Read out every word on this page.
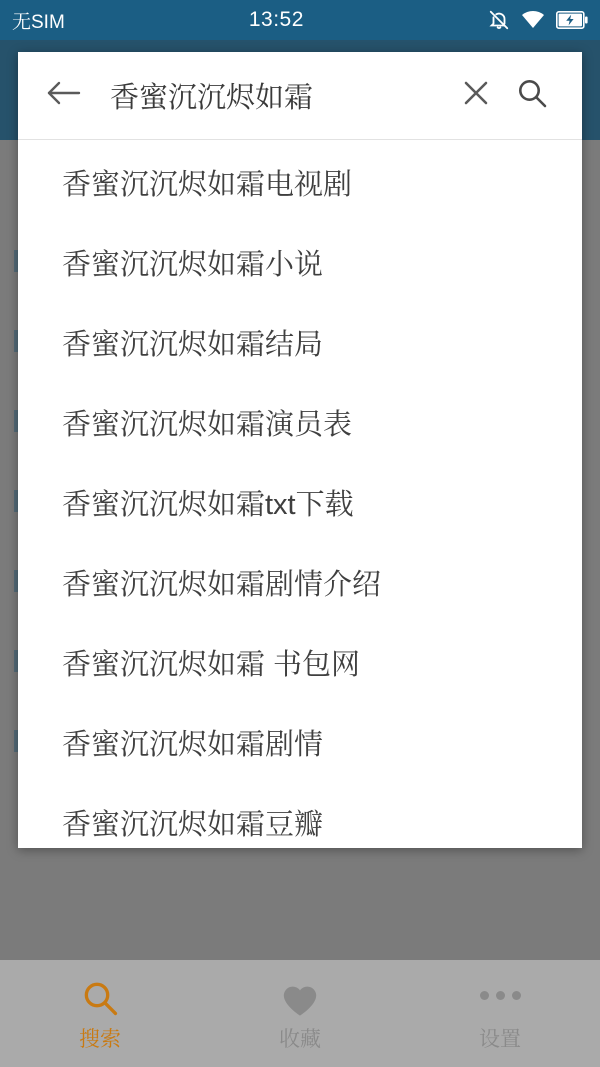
无SIM	13:52
香蜜沉沉烬如霜
香蜜沉沉烬如霜电视剧
香蜜沉沉烬如霜小说
香蜜沉沉烬如霜结局
香蜜沉沉烬如霜演员表
香蜜沉沉烬如霜txt下载
香蜜沉沉烬如霜剧情介绍
香蜜沉沉烬如霜 书包网
香蜜沉沉烬如霜剧情
香蜜沉沉烬如霜豆瓣
搜索	收藏	设置
